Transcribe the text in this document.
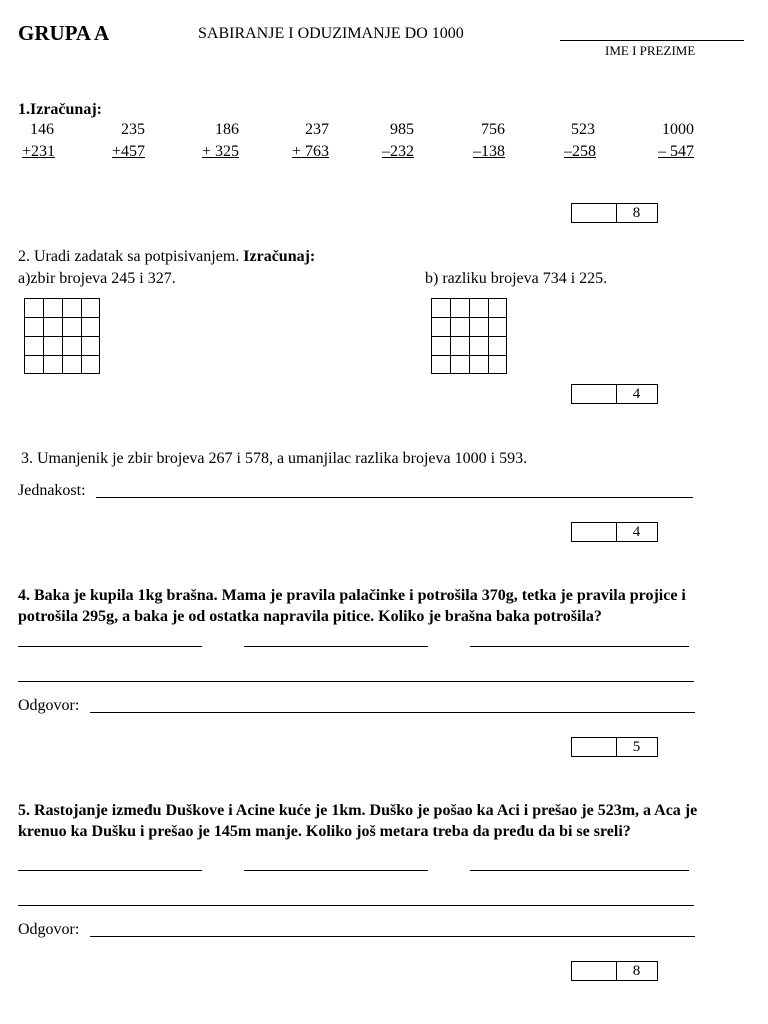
GRUPA A	SABIRANJE I ODUZIMANJE DO 1000
IME I PREZIME
1.Izračunaj:
146
+231
235
+457
186
+ 325
237
+ 763
985
–232
756
–138
523
–258
1000
– 547
8
2. Uradi zadatak sa potpisivanjem. Izračunaj:
a)zbir brojeva 245 i 327.	b) razliku brojeva 734 i 225.
4
3. Umanjenik je zbir brojeva 267 i 578, a umanjilac razlika brojeva 1000 i 593.
Jednakost:
4
4. Baka je kupila 1kg brašna. Mama je pravila palačinke i potrošila 370g, tetka je pravila projice i
potrošila 295g, a baka je od ostatka napravila pitice. Koliko je brašna baka potrošila?
Odgovor:
5
5. Rastojanje između Duškove i Acine kuće je 1km. Duško je pošao ka Aci i prešao je 523m, a Aca je
krenuo ka Dušku i prešao je 145m manje. Koliko još metara treba da pređu da bi se sreli?
Odgovor:
8
